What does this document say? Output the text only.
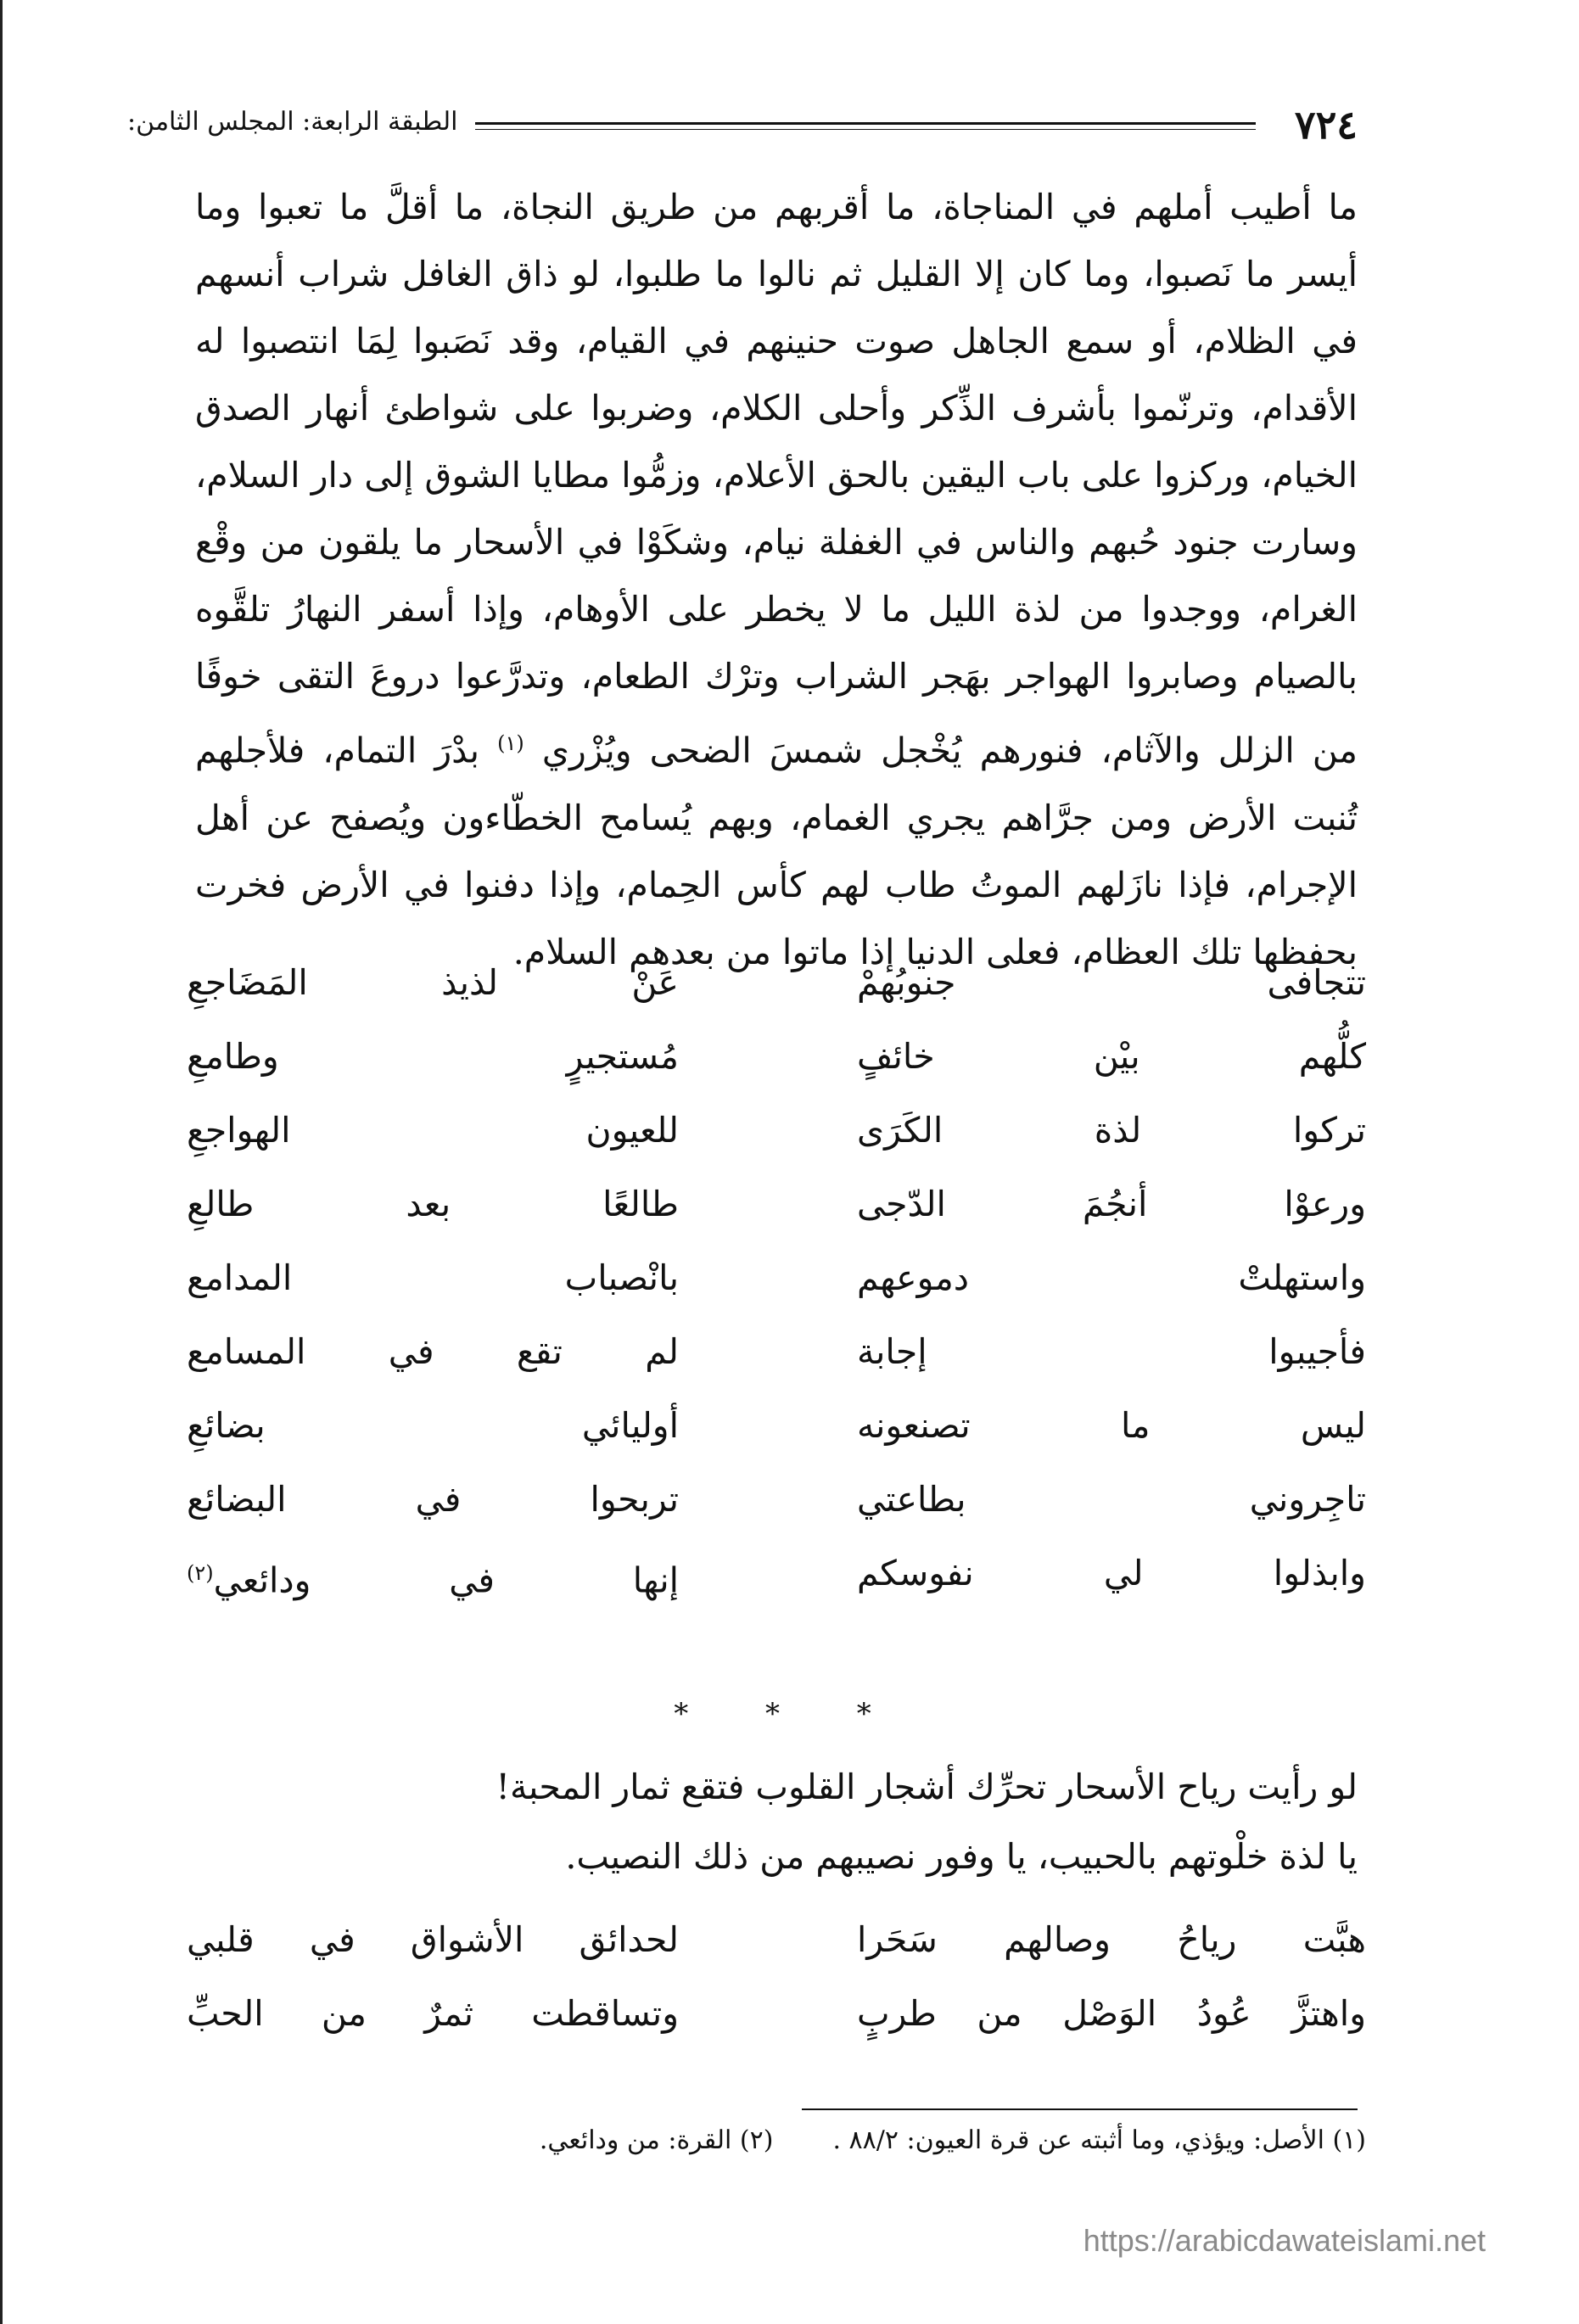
٧٢٤
الطبقة الرابعة: المجلس الثامن:

ما أطيب أملهم في المناجاة، ما أقربهم من طريق النجاة، ما أقلَّ ما تعبوا وما أيسر ما نَصبوا، وما كان إلا القليل ثم نالوا ما طلبوا، لو ذاق الغافل شراب أنسهم في الظلام، أو سمع الجاهل صوت حنينهم في القيام، وقد نَصَبوا لِمَا انتصبوا له الأقدام، وترنّموا بأشرف الذِّكر وأحلى الكلام، وضربوا على شواطئ أنهار الصدق الخيام، وركزوا على باب اليقين بالحق الأعلام، وزمُّوا مطايا الشوق إلى دار السلام، وسارت جنود حُبهم والناس في الغفلة نيام، وشكَوْا في الأسحار ما يلقون من وقْع الغرام، ووجدوا من لذة الليل ما لا يخطر على الأوهام، وإذا أسفر النهارُ تلقَّوه بالصيام وصابروا الهواجر بهَجر الشراب وترْك الطعام، وتدرَّعوا دروعَ التقى خوفًا من الزلل والآثام، فنورهم يُخْجل شمسَ الضحى ويُزْري $^{(١)}$ بدْرَ التمام، فلأجلهم تُنبت الأرض ومن جرَّاهم يجري الغمام، وبهم يُسامح الخطّاءون ويُصفح عن أهل الإجرام، فإذا نازَلهم الموتُ طاب لهم كأس الحِمام، وإذا دفنوا في الأرض فخرت بحفظها تلك العظام، فعلى الدنيا إذا ماتوا من بعدهم السلام.

تتجافى جنوبُهمْ
عَنْ لذيذ المَضَاجعِ
كلُّهم بيْن خائفٍ
مُستجيرٍ وطامعِ
تركوا لذة الكَرَى
للعيون الهواجعِ
ورعوْا أنجُمَ الدّجى
طالعًا بعد طالعِ
واستهلتْ دموعهم
بانْصباب المدامع
فأجيبوا إجابة
لم تقع في المسامع
ليس ما تصنعونه
أوليائي بضائعِ
تاجِروني بطاعتي
تربحوا في البضائع
وابذلوا لي نفوسكم
إنها في ودائعي$^{(٢)}$
* * *

لو رأيت رياح الأسحار تحرِّك أشجار القلوب فتقع ثمار المحبة!

يا لذة خلْوتهم بالحبيب، يا وفور نصيبهم من ذلك النصيب.

هبَّت رياحُ وصالهم سَحَرا
لحدائق الأشواق في قلبي
واهتزَّ عُودُ الوَصْل من طربٍ
وتساقطت ثمرٌ من الحبِّ
(١) الأصل: ويؤذي، وما أثبته عن قرة العيون: ٨٨/٢ .
(٢) القرة: من ودائعي.
https://arabicdawateislami.net
